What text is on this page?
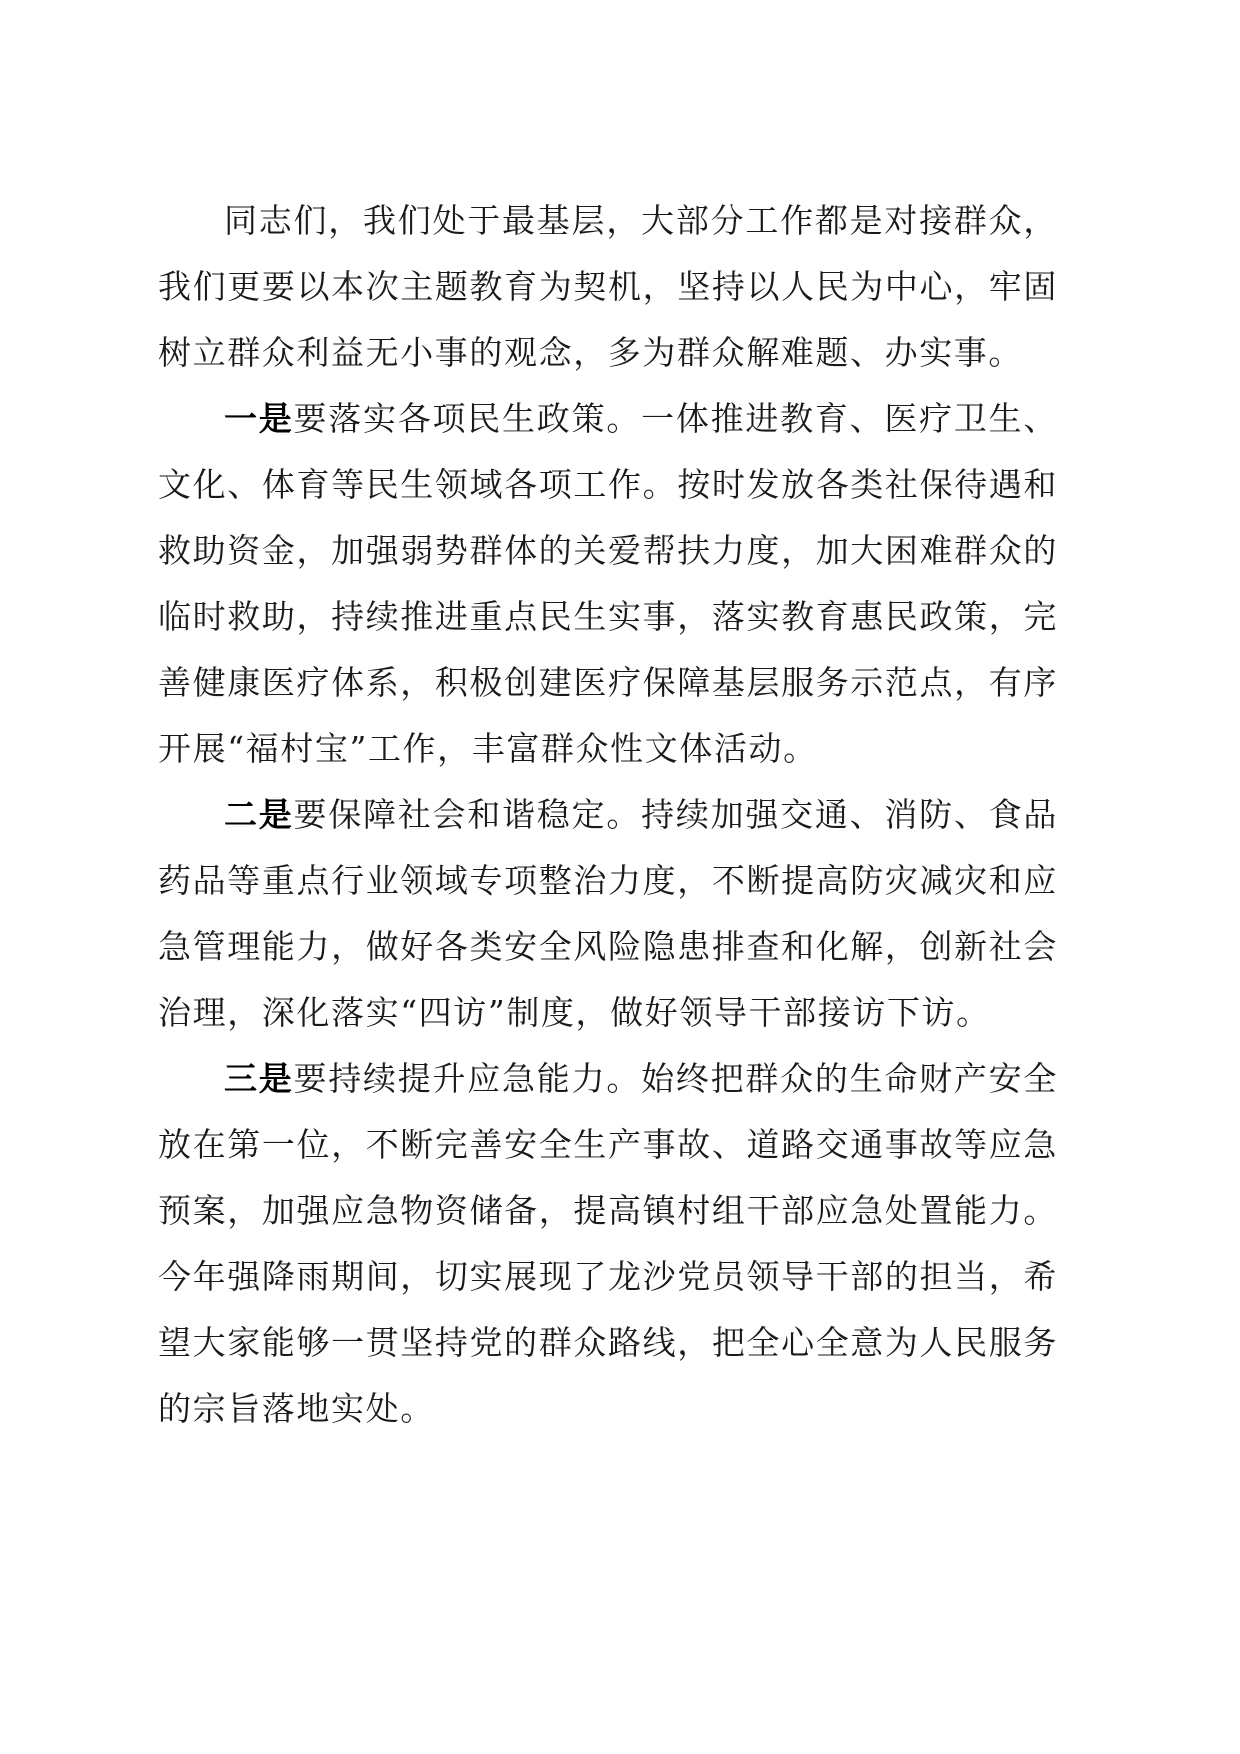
同志们，我们处于最基层，大部分工作都是对接群众，我们更要以本次主题教育为契机，坚持以人民为中心，牢固树立群众利益无小事的观念，多为群众解难题、办实事。

一是要落实各项民生政策。一体推进教育、医疗卫生、文化、体育等民生领域各项工作。按时发放各类社保待遇和救助资金，加强弱势群体的关爱帮扶力度，加大困难群众的临时救助，持续推进重点民生实事，落实教育惠民政策，完善健康医疗体系，积极创建医疗保障基层服务示范点，有序开展“福村宝”工作，丰富群众性文体活动。

二是要保障社会和谐稳定。持续加强交通、消防、食品药品等重点行业领域专项整治力度，不断提高防灾减灾和应急管理能力，做好各类安全风险隐患排查和化解，创新社会治理，深化落实“四访”制度，做好领导干部接访下访。

三是要持续提升应急能力。始终把群众的生命财产安全放在第一位，不断完善安全生产事故、道路交通事故等应急预案，加强应急物资储备，提高镇村组干部应急处置能力。今年强降雨期间，切实展现了龙沙党员领导干部的担当，希望大家能够一贯坚持党的群众路线，把全心全意为人民服务的宗旨落地实处。
